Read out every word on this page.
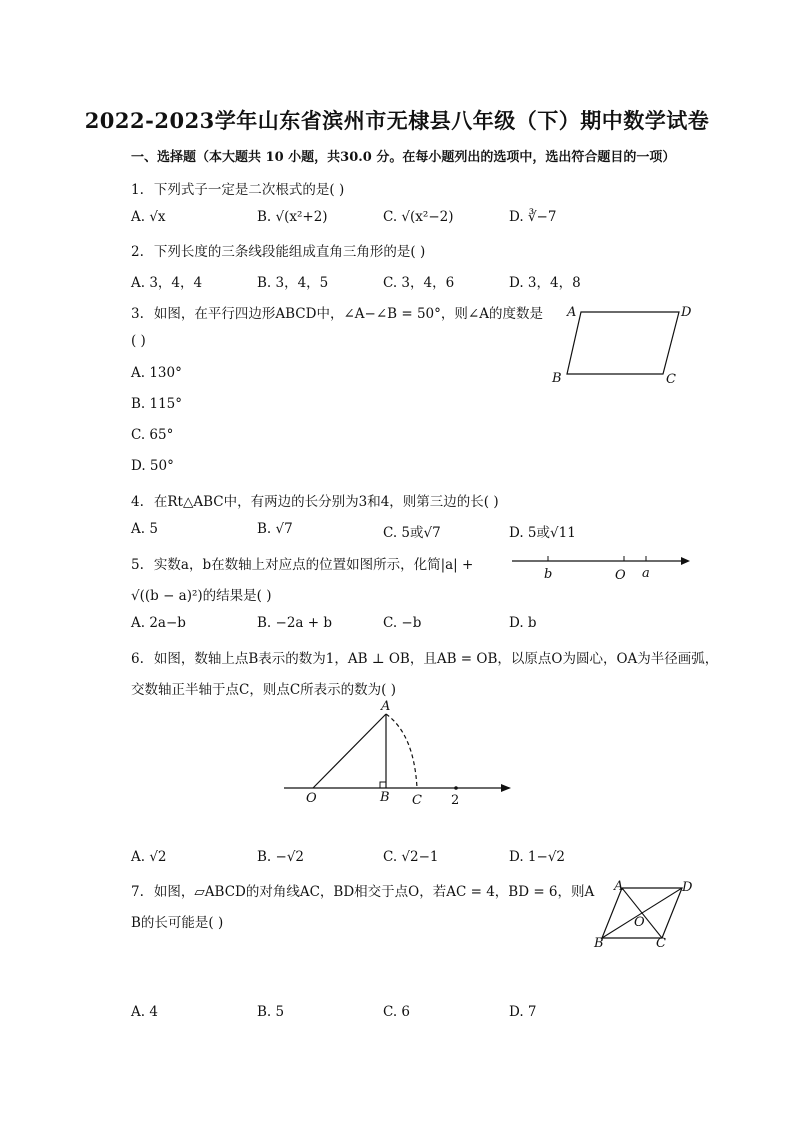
2022-2023学年山东省滨州市无棣县八年级（下）期中数学试卷
一、选择题（本大题共 10 小题，共30.0 分。在每小题列出的选项中，选出符合题目的一项）
1. 下列式子一定是二次根式的是( )
A. √x	B. √(x²+2)	C. √(x²−2)	D. ∛−7
2. 下列长度的三条线段能组成直角三角形的是( )
A. 3，4，4	B. 3，4，5	C. 3，4，6	D. 3，4，8
3. 如图，在平行四边形ABCD中，∠A−∠B = 50°，则∠A的度数是
( )
A. 130°
B. 115°
C. 65°
D. 50°
A	D
B	C
4. 在Rt△ABC中，有两边的长分别为3和4，则第三边的长( )
A. 5	B. √7	C. 5或√7	D. 5或√11
5. 实数a，b在数轴上对应点的位置如图所示，化简|a| +
√((b − a)²)的结果是( )
A. 2a−b	B. −2a + b	C. −b	D. b
b	O a
6. 如图，数轴上点B表示的数为1，AB ⊥ OB，且AB = OB，以原点O为圆心，OA为半径画弧，
交数轴正半轴于点C，则点C所表示的数为( )
A
O	B C 2
A. √2	B. −√2	C. √2−1	D. 1−√2
7. 如图，▱ABCD的对角线AC，BD相交于点O，若AC = 4，BD = 6，则A
B的长可能是( )
A	D
O
B	C
A. 4	B. 5	C. 6	D. 7
